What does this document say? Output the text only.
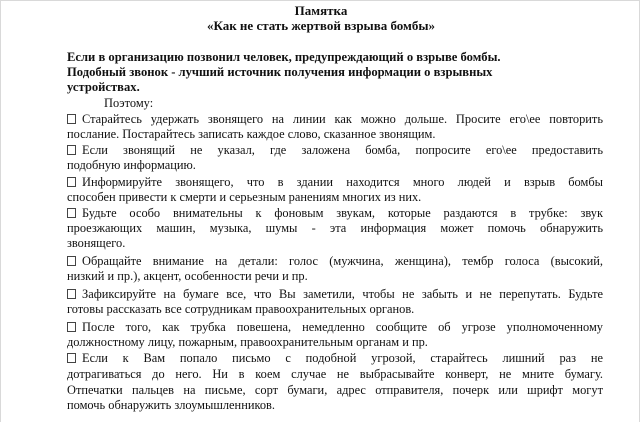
Памятка
«Как не стать жертвой взрыва бомбы»

Если в организацию позвонил человек, предупреждающий о взрыве бомбы.

Подобный звонок - лучший источник получения информации о взрывных

устройствах.

Поэтому:

Старайтесь удержать звонящего на линии как можно дольше. Просите его\ее повторить

послание. Постарайтесь записать каждое слово, сказанное звонящим.

Если звонящий не указал, где заложена бомба, попросите его\ее предоставить

подобную информацию.

Информируйте звонящего, что в здании находится много людей и взрыв бомбы

способен привести к смерти и серьезным ранениям многих из них.

Будьте особо внимательны к фоновым звукам, которые раздаются в трубке: звук

проезжающих машин, музыка, шумы - эта информация может помочь обнаружить

звонящего.

Обращайте внимание на детали: голос (мужчина, женщина), тембр голоса (высокий,

низкий и пр.), акцент, особенности речи и пр.

Зафиксируйте на бумаге все, что Вы заметили, чтобы не забыть и не перепутать. Будьте

готовы рассказать все сотрудникам правоохранительных органов.

После того, как трубка повешена, немедленно сообщите об угрозе уполномоченному

должностному лицу, пожарным, правоохранительным органам и пр.

Если к Вам попало письмо с подобной угрозой, старайтесь лишний раз не

дотрагиваться до него. Ни в коем случае не выбрасывайте конверт, не мните бумагу.

Отпечатки пальцев на письме, сорт бумаги, адрес отправителя, почерк или шрифт могут

помочь обнаружить злоумышленников.
